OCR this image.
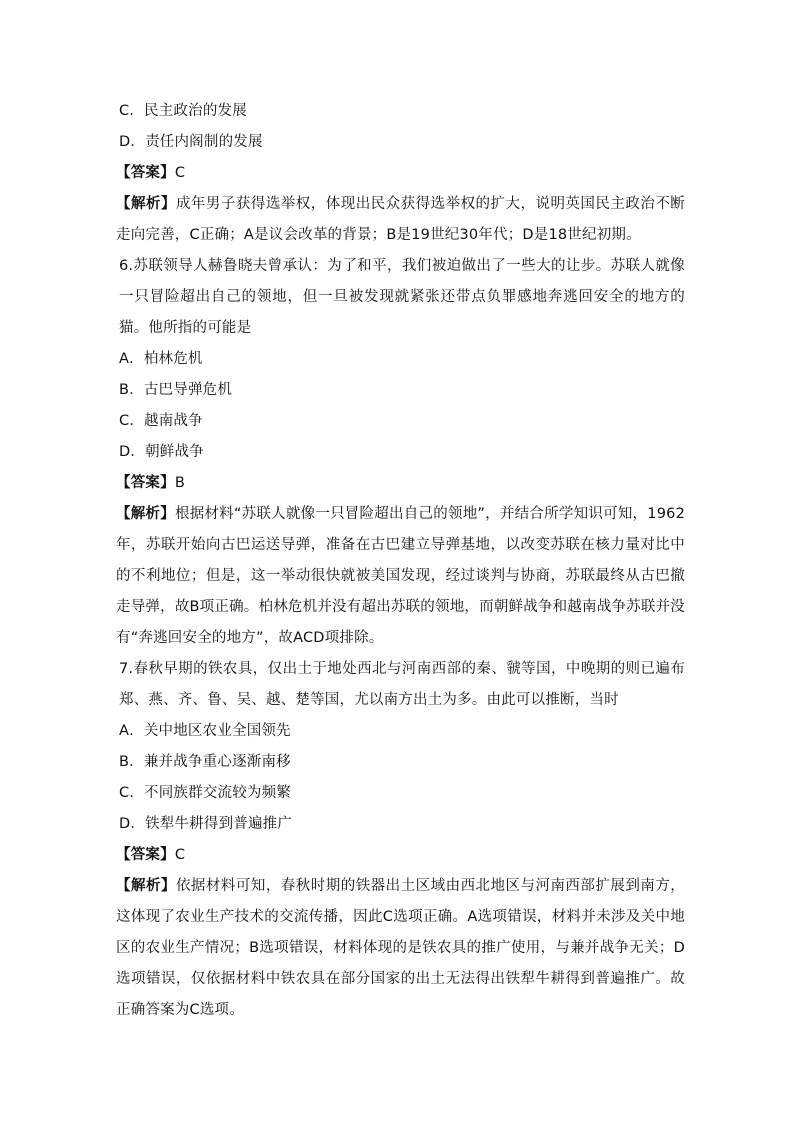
C．民主政治的发展
D．责任内阁制的发展
【答案】C
【解析】成年男子获得选举权，体现出民众获得选举权的扩大，说明英国民主政治不断走向完善，C正确；A是议会改革的背景；B是19世纪30年代；D是18世纪初期。
6.苏联领导人赫鲁晓夫曾承认：为了和平，我们被迫做出了一些大的让步。苏联人就像一只冒险超出自己的领地，但一旦被发现就紧张还带点负罪感地奔逃回安全的地方的猫。他所指的可能是
A．柏林危机
B．古巴导弹危机
C．越南战争
D．朝鲜战争
【答案】B
【解析】根据材料“苏联人就像一只冒险超出自己的领地”，并结合所学知识可知，1962年，苏联开始向古巴运送导弹，准备在古巴建立导弹基地，以改变苏联在核力量对比中的不利地位；但是，这一举动很快就被美国发现，经过谈判与协商，苏联最终从古巴撤走导弹，故B项正确。柏林危机并没有超出苏联的领地，而朝鲜战争和越南战争苏联并没有“奔逃回安全的地方”，故ACD项排除。
7.春秋早期的铁农具，仅出土于地处西北与河南西部的秦、虢等国，中晚期的则已遍布郑、燕、齐、鲁、吴、越、楚等国，尤以南方出土为多。由此可以推断，当时
A．关中地区农业全国领先
B．兼并战争重心逐渐南移
C．不同族群交流较为频繁
D．铁犁牛耕得到普遍推广
【答案】C
【解析】依据材料可知，春秋时期的铁器出土区域由西北地区与河南西部扩展到南方，这体现了农业生产技术的交流传播，因此C选项正确。A选项错误，材料并未涉及关中地区的农业生产情况；B选项错误，材料体现的是铁农具的推广使用，与兼并战争无关；D选项错误，仅依据材料中铁农具在部分国家的出土无法得出铁犁牛耕得到普遍推广。故正确答案为C选项。
